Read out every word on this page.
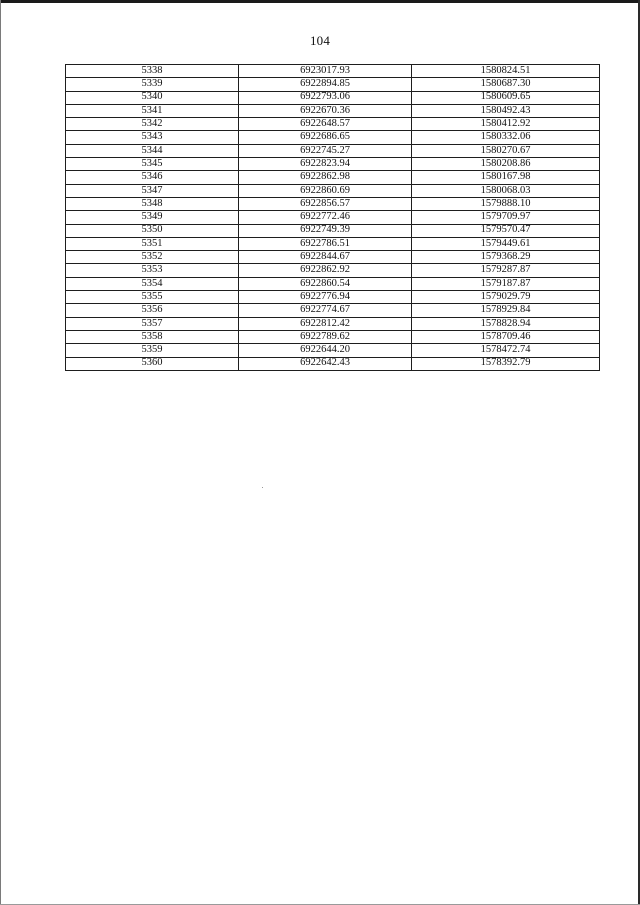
104
5338	6923017.93	1580824.51
5339	6922894.85	1580687.30
5340	6922793.06	1580609.65
5341	6922670.36	1580492.43
5342	6922648.57	1580412.92
5343	6922686.65	1580332.06
5344	6922745.27	1580270.67
5345	6922823.94	1580208.86
5346	6922862.98	1580167.98
5347	6922860.69	1580068.03
5348	6922856.57	1579888.10
5349	6922772.46	1579709.97
5350	6922749.39	1579570.47
5351	6922786.51	1579449.61
5352	6922844.67	1579368.29
5353	6922862.92	1579287.87
5354	6922860.54	1579187.87
5355	6922776.94	1579029.79
5356	6922774.67	1578929.84
5357	6922812.42	1578828.94
5358	6922789.62	1578709.46
5359	6922644.20	1578472.74
5360	6922642.43	1578392.79
